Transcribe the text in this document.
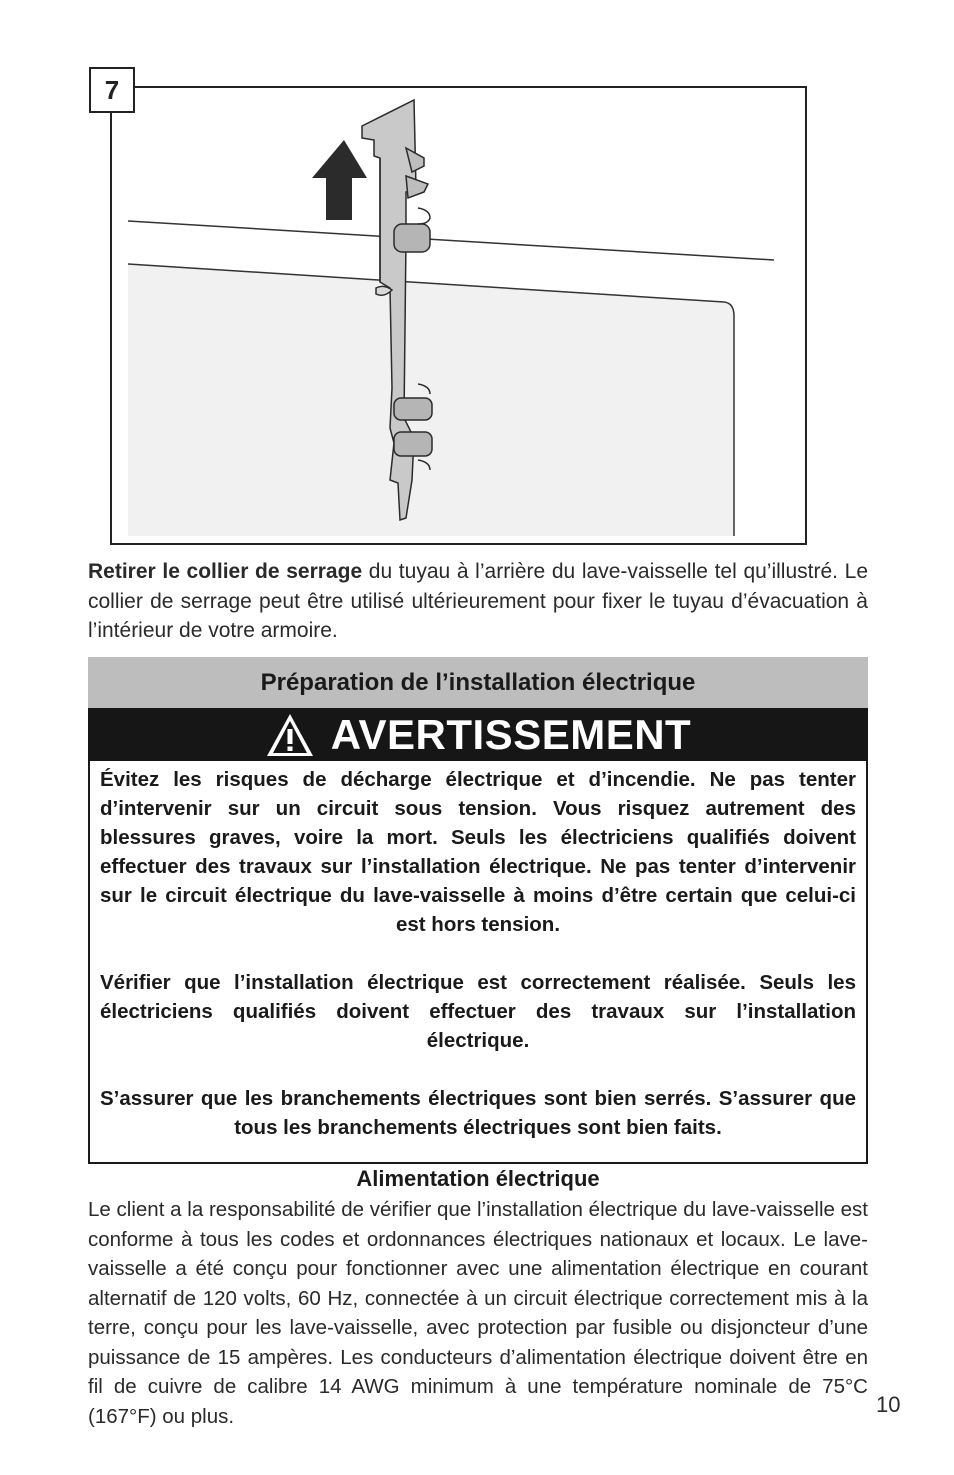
7
Retirer le collier de serrage du tuyau à l’arrière du lave-vaisselle tel qu’illustré. Le collier de serrage peut être utilisé ultérieurement pour fixer le tuyau d’évacuation à l’intérieur de votre armoire.
Préparation de l’installation électrique
AVERTISSEMENT

Évitez les risques de décharge électrique et d’incendie. Ne pas tenter d’intervenir sur un circuit sous tension. Vous risquez autrement des blessures graves, voire la mort. Seuls les électriciens qualifiés doivent effectuer des travaux sur l’installation électrique. Ne pas tenter d’intervenir sur le circuit électrique du lave-vaisselle à moins d’être certain que celui-ci est hors tension.

Vérifier que l’installation électrique est correctement réalisée. Seuls les électriciens qualifiés doivent effectuer des travaux sur l’installation électrique.

S’assurer que les branchements électriques sont bien serrés. S’assurer que tous les branchements électriques sont bien faits.

Alimentation électrique
Le client a la responsabilité de vérifier que l’installation électrique du lave-vaisselle est conforme à tous les codes et ordonnances électriques nationaux et locaux. Le lave-vaisselle a été conçu pour fonctionner avec une alimentation électrique en courant alternatif de 120 volts, 60 Hz, connectée à un circuit électrique correctement mis à la terre, conçu pour les lave-vaisselle, avec protection par fusible ou disjoncteur d’une puissance de 15 ampères. Les conducteurs d’alimentation électrique doivent être en fil de cuivre de calibre 14 AWG minimum à une température nominale de 75°C (167°F) ou plus.	10
